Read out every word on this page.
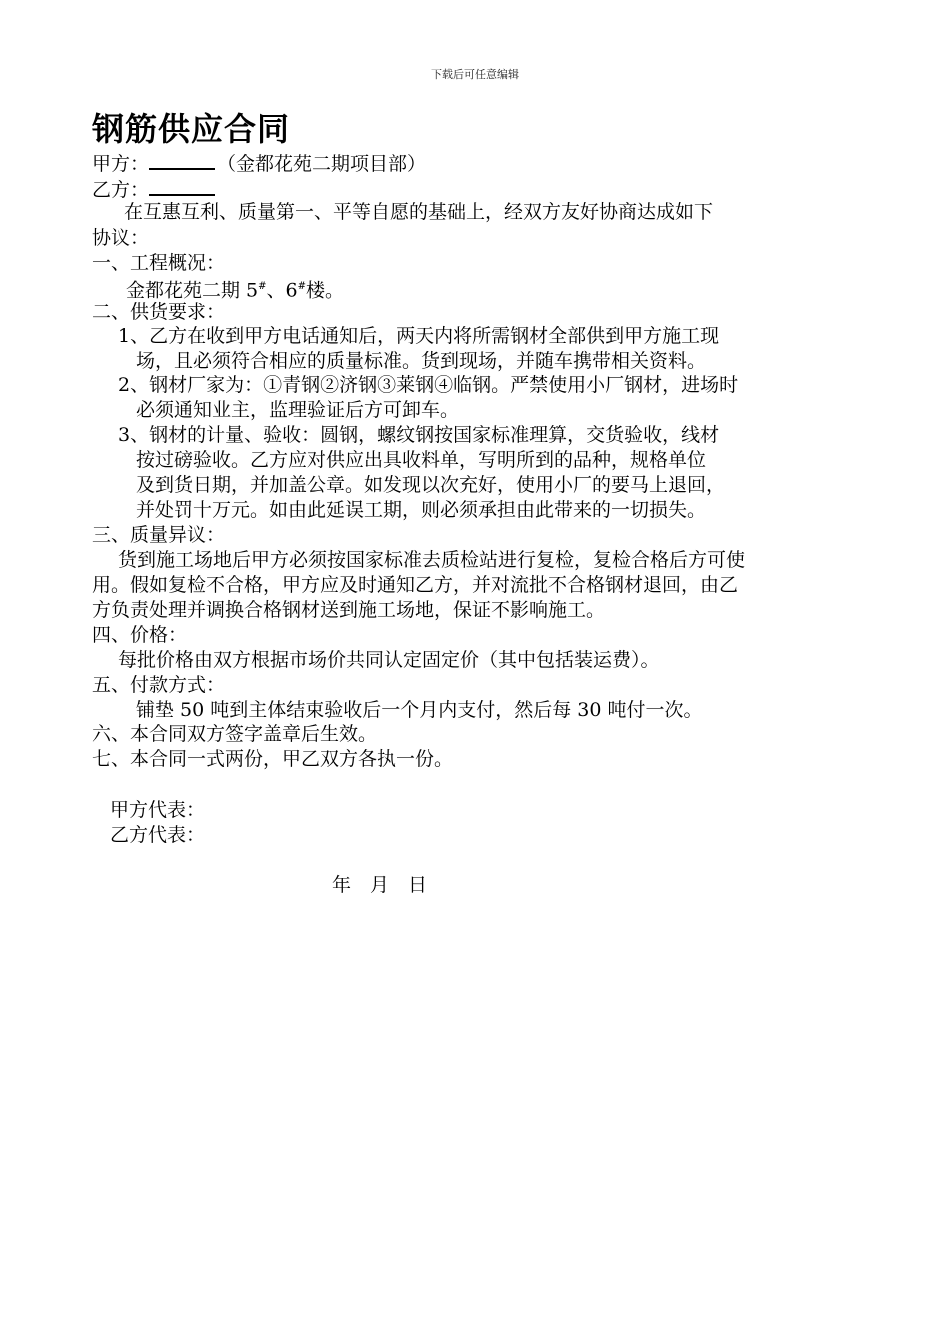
下载后可任意编辑
钢筋供应合同
甲方：	（金都花苑二期项目部）
乙方：
在互惠互利、质量第一、平等自愿的基础上，经双方友好协商达成如下
协议：
一、工程概况：
金都花苑二期 5#、6#楼。
二、供货要求：
1、乙方在收到甲方电话通知后，两天内将所需钢材全部供到甲方施工现
场，且必须符合相应的质量标准。货到现场，并随车携带相关资料。
2、钢材厂家为：①青钢②济钢③莱钢④临钢。严禁使用小厂钢材，进场时
必须通知业主，监理验证后方可卸车。
3、钢材的计量、验收：圆钢，螺纹钢按国家标准理算，交货验收，线材
按过磅验收。乙方应对供应出具收料单，写明所到的品种，规格单位
及到货日期，并加盖公章。如发现以次充好，使用小厂的要马上退回，
并处罚十万元。如由此延误工期，则必须承担由此带来的一切损失。
三、质量异议：
货到施工场地后甲方必须按国家标准去质检站进行复检，复检合格后方可使
用。假如复检不合格，甲方应及时通知乙方，并对流批不合格钢材退回，由乙
方负责处理并调换合格钢材送到施工场地，保证不影响施工。
四、价格：
每批价格由双方根据市场价共同认定固定价（其中包括装运费）。
五、付款方式：
铺垫 50 吨到主体结束验收后一个月内支付，然后每 30 吨付一次。
六、本合同双方签字盖章后生效。
七、本合同一式两份，甲乙双方各执一份。
甲方代表：
乙方代表：
年　月　日
